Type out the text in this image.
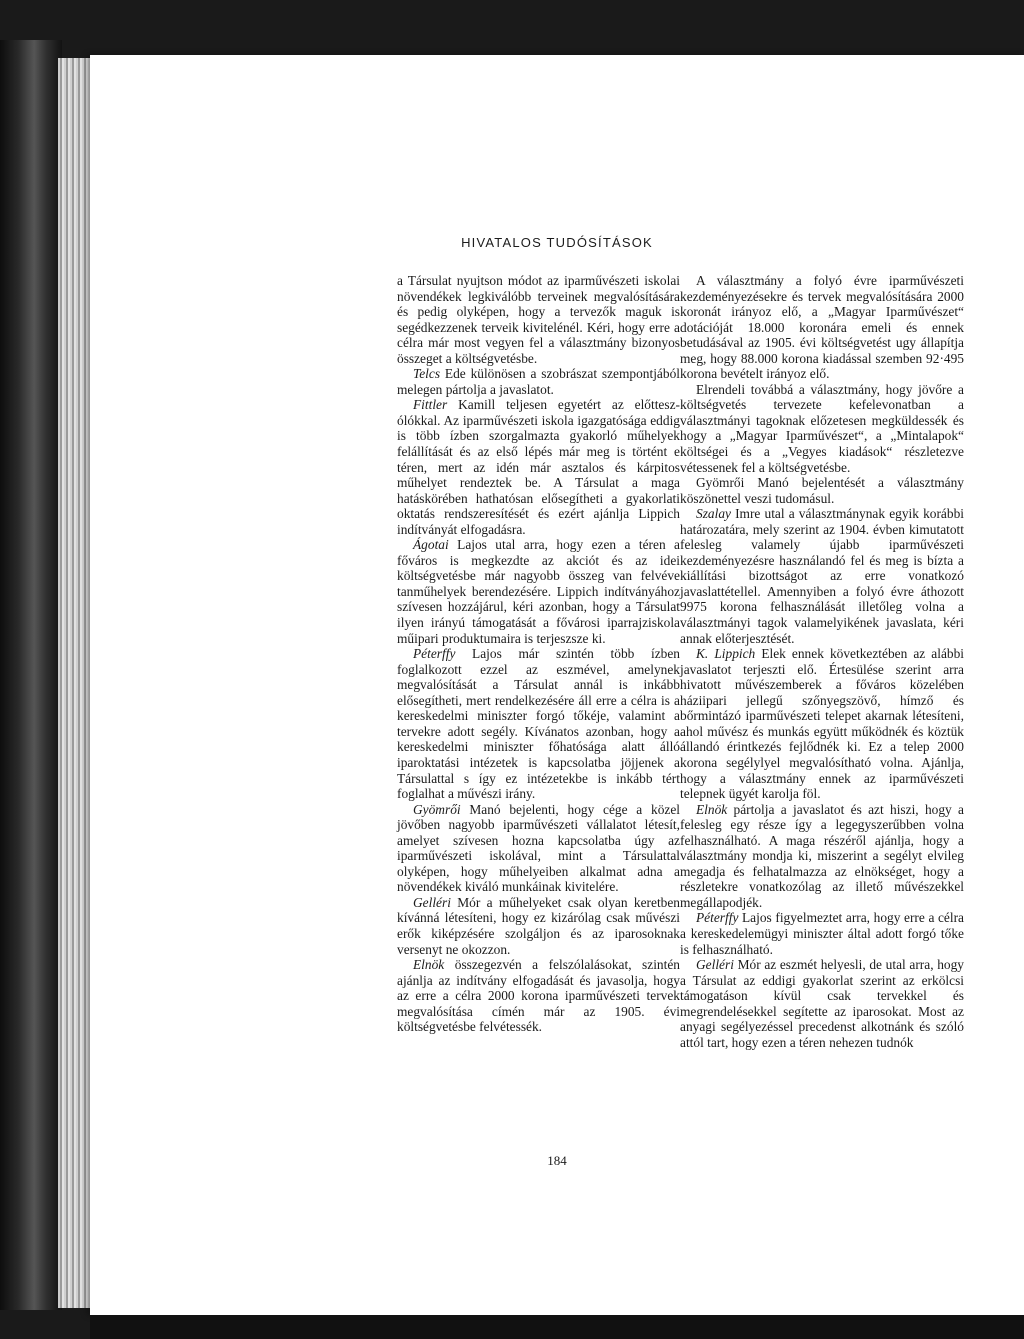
HIVATALOS TUDÓSÍTÁSOK

a Társulat nyujtson módot az iparművészeti iskolai növendékek legkiválóbb terveinek megvalósítására és pedig olyképen, hogy a tervezők maguk is segédkezzenek terveik kivitelénél. Kéri, hogy erre a célra már most vegyen fel a választmány bizonyos összeget a költségvetésbe.

Telcs Ede különösen a szobrászat szempontjából melegen pártolja a javaslatot.

Fittler Kamill teljesen egyetért az előtteszólókkal. Az iparművészeti iskola igazgatósága eddig is több ízben szorgalmazta gyakorló műhelyek felállítását és az első lépés már meg is történt e téren, mert az idén már asztalos és kárpitos műhelyet rendeztek be. A Társulat a maga hatáskörében hathatósan elősegítheti a gyakorlati oktatás rendszeresítését és ezért ajánlja Lippich indítványát elfogadásra.

Ágotai Lajos utal arra, hogy ezen a téren a főváros is megkezdte az akciót és az idei költségvetésbe már nagyobb összeg van felvéve tanműhelyek berendezésére. Lippich indítványához szívesen hozzájárul, kéri azonban, hogy a Társulat ilyen irányú támogatását a fővárosi iparrajziskola műipari produktumaira is terjeszsze ki.

Péterffy Lajos már szintén több ízben foglalkozott ezzel az eszmével, amelynek megvalósítását a Társulat annál is inkább elősegítheti, mert rendelkezésére áll erre a célra is a kereskedelmi miniszter forgó tőkéje, valamint a tervekre adott segély. Kívánatos azonban, hogy a kereskedelmi miniszter főhatósága alatt álló iparoktatási intézetek is kapcsolatba jöjjenek a Társulattal s így ez intézetekbe is inkább tért foglalhat a művészi irány.

Gyömrői Manó bejelenti, hogy cége a közel jövőben nagyobb iparművészeti vállalatot létesít, amelyet szívesen hozna kapcsolatba úgy az iparművészeti iskolával, mint a Társulattal olyképen, hogy műhelyeiben alkalmat adna a növendékek kiváló munkáinak kivitelére.

Gelléri Mór a műhelyeket csak olyan keretben kívánná létesíteni, hogy ez kizárólag csak művészi erők kiképzésére szolgáljon és az iparosoknak versenyt ne okozzon.

Elnök összegezvén a felszólalásokat, szintén ajánlja az indítvány elfogadását és javasolja, hogy az erre a célra 2000 korona iparművészeti tervek megvalósítása címén már az 1905. évi költségvetésbe felvétessék.

A választmány a folyó évre iparművészeti kezdeményezésekre és tervek megvalósítására 2000 koronát irányoz elő, a „Magyar Iparművészet“ dotációját 18.000 koronára emeli és ennek betudásával az 1905. évi költségvetést ugy állapítja meg, hogy 88.000 korona kiadással szemben 92·495 korona bevételt irányoz elő.

Elrendeli továbbá a választmány, hogy jövőre a költségvetés tervezete kefelevonatban a választmányi tagoknak előzetesen megküldessék és hogy a „Magyar Iparművészet“, a „Mintalapok“ költségei és a „Vegyes kiadások“ részletezve vétessenek fel a költségvetésbe.

Gyömrői Manó bejelentését a választmány köszönettel veszi tudomásul.

Szalay Imre utal a választmánynak egyik korábbi határozatára, mely szerint az 1904. évben kimutatott felesleg valamely újabb iparművészeti kezdeményezésre használandó fel és meg is bízta a kiállítási bizottságot az erre vonatkozó javaslattétellel. Amennyiben a folyó évre áthozott 9975 korona felhasználását illetőleg volna a választmányi tagok valamelyikének javaslata, kéri annak előterjesztését.

K. Lippich Elek ennek következtében az alábbi javaslatot terjeszti elő. Értesülése szerint arra hivatott művészemberek a főváros közelében háziipari jellegű szőnyegszövő, hímző és bőrmintázó iparművészeti telepet akarnak létesíteni, ahol művész és munkás együtt működnék és köztük állandó érintkezés fejlődnék ki. Ez a telep 2000 korona segélylyel megvalósítható volna. Ajánlja, hogy a választmány ennek az iparművészeti telepnek ügyét karolja föl.

Elnök pártolja a javaslatot és azt hiszi, hogy a felesleg egy része így a legegyszerűbben volna felhasználható. A maga részéről ajánlja, hogy a választmány mondja ki, miszerint a segélyt elvileg megadja és felhatalmazza az elnökséget, hogy a részletekre vonatkozólag az illető művészekkel megállapodjék.

Péterffy Lajos figyelmeztet arra, hogy erre a célra a kereskedelemügyi miniszter által adott forgó tőke is felhasználható.

Gelléri Mór az eszmét helyesli, de utal arra, hogy a Társulat az eddigi gyakorlat szerint az erkölcsi támogatáson kívül csak tervekkel és megrendelésekkel segítette az iparosokat. Most az anyagi segélyezéssel precedenst alkotnánk és szóló attól tart, hogy ezen a téren nehezen tudnók

184
